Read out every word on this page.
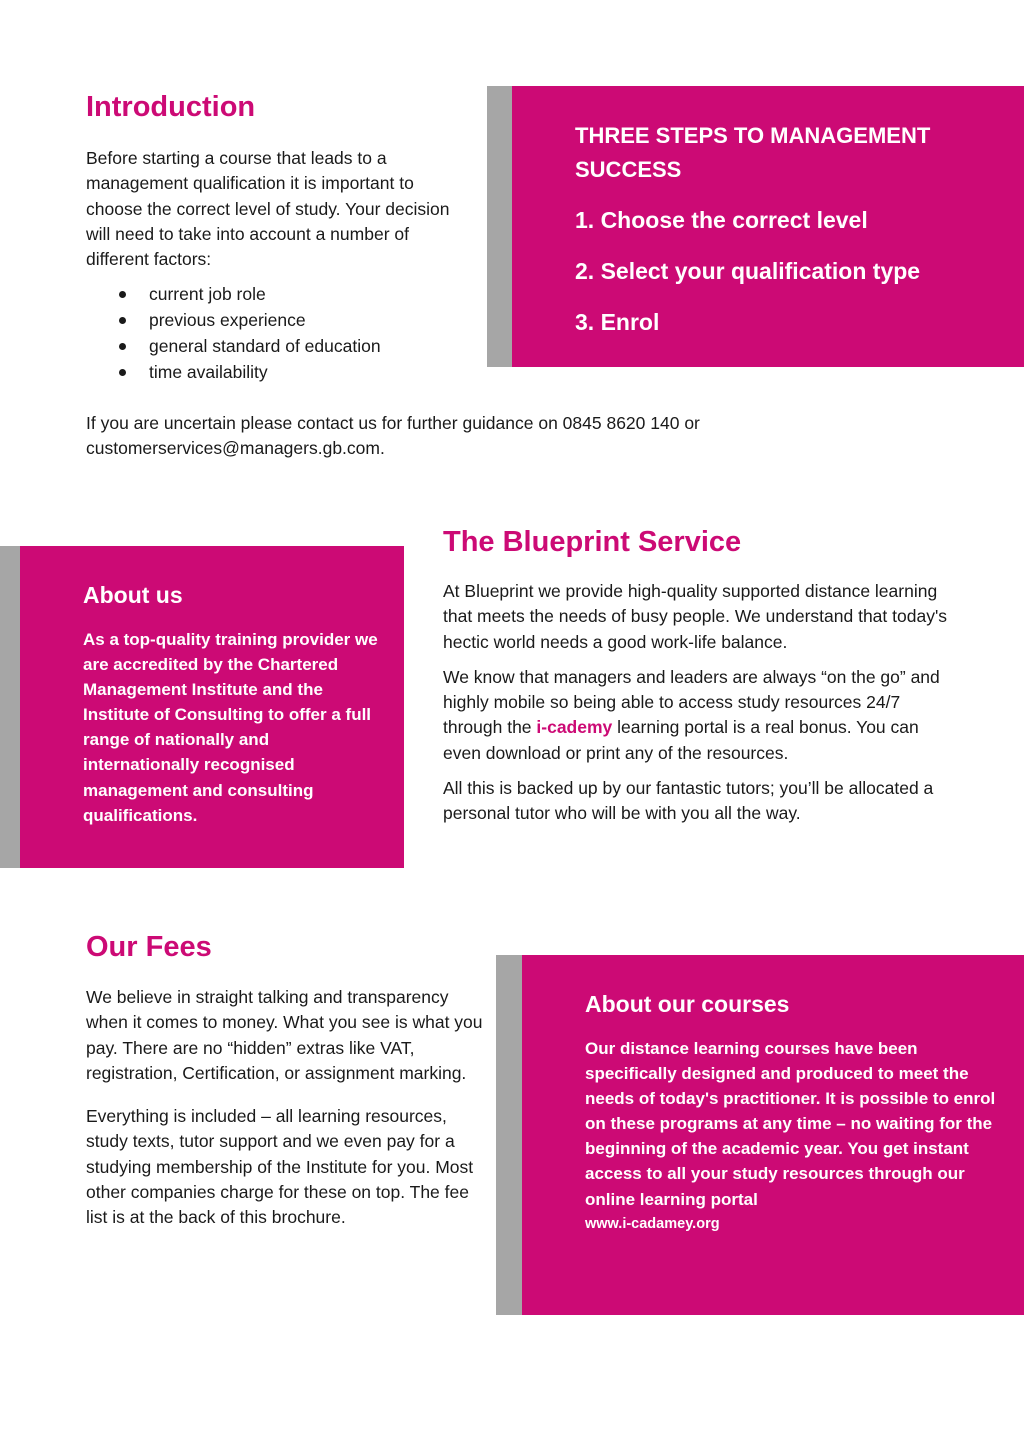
Introduction

Before starting a course that leads to a management qualification it is important to choose the correct level of study. Your decision will need to take into account a number of different factors:

current job role
previous experience
general standard of education
time availability
If you are uncertain please contact us for further guidance on 0845 8620 140 or
customerservices@managers.gb.com.

THREE STEPS TO MANAGEMENT SUCCESS

1. Choose the correct level

2. Select your qualification type

3. Enrol

About us

As a top-quality training provider we are accredited by the Chartered Management Institute and the Institute of Consulting to offer a full range of nationally and internationally recognised management and consulting qualifications.

The Blueprint Service

At Blueprint we provide high-quality supported distance learning that meets the needs of busy people. We understand that today's hectic world needs a good work-life balance.

We know that managers and leaders are always “on the go” and highly mobile so being able to access study resources 24/7 through the i-cademy learning portal is a real bonus. You can even download or print any of the resources.

All this is backed up by our fantastic tutors; you’ll be allocated a personal tutor who will be with you all the way.

Our Fees

We believe in straight talking and transparency when it comes to money. What you see is what you pay. There are no “hidden” extras like VAT, registration, Certification, or assignment marking.

Everything is included – all learning resources, study texts, tutor support and we even pay for a studying membership of the Institute for you. Most other companies charge for these on top. The fee list is at the back of this brochure.

About our courses

Our distance learning courses have been specifically designed and produced to meet the needs of today's practitioner. It is possible to enrol on these programs at any time – no waiting for the beginning of the academic year. You get instant access to all your study resources through our online learning portal

www.i-cadamey.org
